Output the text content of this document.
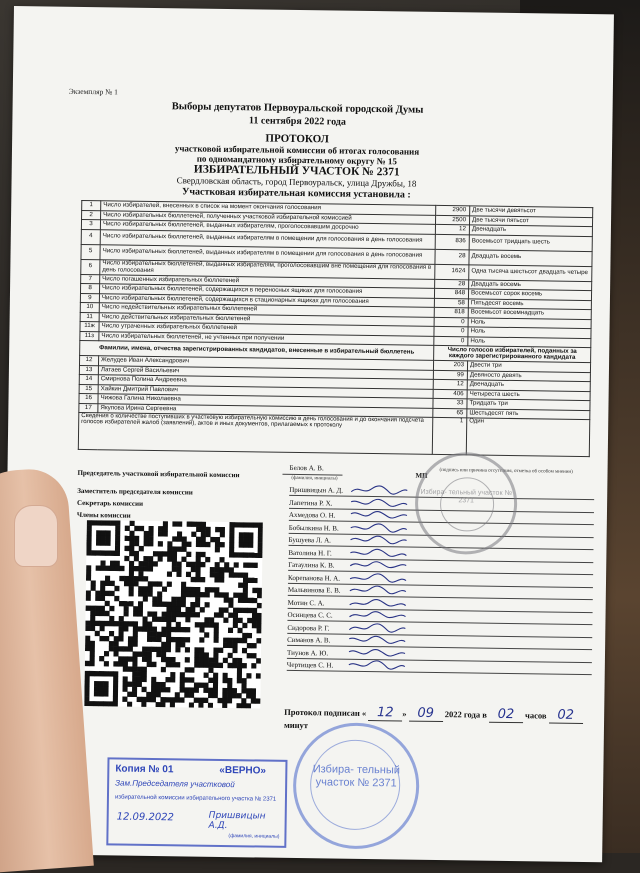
Экземпляр № 1
Выборы депутатов Первоуральской городской Думы
11 сентября 2022 года
ПРОТОКОЛ
участковой избирательной комиссии об итогах голосования
по одномандатному избирательному округу № 15
ИЗБИРАТЕЛЬНЫЙ УЧАСТОК № 2371
Свердловская область, город Первоуральск, улица Дружбы, 18
Участковая избирательная комиссия установила :
1	Число избирателей, внесенных в список на момент окончания голосования	2900	Две тысячи девятьсот
2	Число избирательных бюллетеней, полученных участковой избирательной комиссией	2500	Две тысячи пятьсот
3	Число избирательных бюллетеней, выданных избирателям, проголосовавшим досрочно	12	Двенадцать
4	Число избирательных бюллетеней, выданных избирателям в помещении для голосования в день голосования	836	Восемьсот тридцать шесть
5	Число избирательных бюллетеней, выданных избирателям в помещении для голосования в день голосования	28	Двадцать восемь
6	Число избирательных бюллетеней, выданных избирателям, проголосовавшим вне помещения для голосования в день голосования	1624	Одна тысяча шестьсот двадцать четыре
7	Число погашенных избирательных бюллетеней	28	Двадцать восемь
8	Число избирательных бюллетеней, содержащихся в переносных ящиках для голосования	848	Восемьсот сорок восемь
9	Число избирательных бюллетеней, содержащихся в стационарных ящиках для голосования	58	Пятьдесят восемь
10	Число недействительных избирательных бюллетеней	818	Восемьсот восемнадцать
11	Число действительных избирательных бюллетеней	0	Ноль
11ж	Число утраченных избирательных бюллетеней	0	Ноль
11з	Число избирательных бюллетеней, не учтенных при получении	0	Ноль
Фамилии, имена, отчества зарегистрированных кандидатов, внесенные в избирательный бюллетень		Число голосов избирателей, поданных за каждого зарегистрированного кандидата	
12	Желудев Иван Александрович	203	Двести три
13	Латаев Сергей Васильевич	99	Девяносто девять
14	Смирнова Полина Андреевна	12	Двенадцать
15	Хайкин Дмитрий Павлович	406	Четыреста шесть
16	Чижова Галина Николаевна	33	Тридцать три
17	Якупова Ирина Сергеевна	65	Шестьдесят пять
Сведения о количестве поступивших в участковую избирательную комиссию в день голосования и до окончания подсчета голосов избирателей жалоб (заявлений), актов и иных документов, прилагаемых к протоколу		1	Один
Председатель участковой избирательной комиссии
Белов А. В.
(фамилия, инициалы)	МП
(подпись или причина отсутствия, отметка об особом мнении)
Заместитель председателя комиссии
Секретарь комиссии
Члены комиссии
Пришвицын А. Д.
Лапетина Р. Х.
Ахмедова О. Н.
Бобылкина Н. В.
Бушуева Л. А.
Ватолина Н. Г.
Гатаулина К. В.
Корепанова Н. А.
Мальвинова Е. В.
Мотин С. А.
Осинцева С. С.
Сидорова Р. Г.
Симанов А. В.
Тиунов А. Ю.
Чертищев С. Н.
Протокол подписан « 12 » 09 2022 года в 02 часов 02 минут
Избира- тельный участок № 2371
Избира- тельный участок № 2371
Копия № 01	«ВЕРНО»
Зам.Председателя участковой
избирательной комиссии избирательного участка № 2371
12.09.2022	Пришвицын А.Д.
(фамилия, инициалы)
